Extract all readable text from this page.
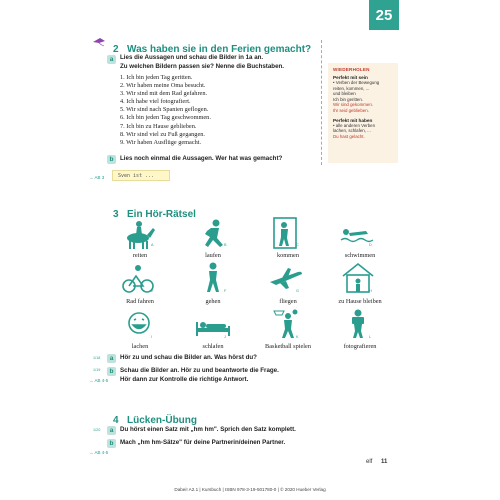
25
2 Was haben sie in den Ferien gemacht?
a	Lies die Aussagen und schau die Bilder in 1a an.
Zu welchen Bildern passen sie? Nenne die Buchstaben.
1. Ich bin jeden Tag geritten.
2. Wir haben meine Oma besucht.
3. Wir sind mit dem Rad gefahren.
4. Ich habe viel fotografiert.
5. Wir sind nach Spanien geflogen.
6. Ich bin jeden Tag geschwommen.
7. Ich bin zu Hause geblieben.
8. Wir sind viel zu Fuß gegangen.
9. Wir haben Ausflüge gemacht.
b	Lies noch einmal die Aussagen. Wer hat was gemacht?
→ AB 3	Sven ist ...
WIEDERHOLEN
Perfekt mit sein
• Verben der Bewegung
reiten, kommen, ...
und bleiben
Ich bin geritten.
Wir sind gekommen.
Ihr seid geblieben.
Perfekt mit haben
• alle anderen Verben
lachen, schlafen, ...
Du hast gelacht.
3 Ein Hör-Rätsel
A
reiten
B
laufen
C
kommen
D
schwimmen
E
Rad fahren
F
gehen
G
fliegen
H
zu Hause bleiben
I
lachen
J
schlafen
K
Basketball spielen
L
fotografieren
1/18	a	Hör zu und schau die Bilder an. Was hörst du?
1/19	b	Schau die Bilder an. Hör zu und beantworte die Frage.
Hör dann zur Kontrolle die richtige Antwort.
→ AB 4-5
4 Lücken-Übung
1/20	a	Du hörst einen Satz mit „hm hm". Sprich den Satz komplett.
b	Mach „hm hm-Sätze" für deine Partnerin/deinen Partner.
→ AB 4-5
elf 11
Dabei! A2.1 | Kursbuch | ISBN 978-3-19-501780-0 | © 2020 Hueber Verlag
